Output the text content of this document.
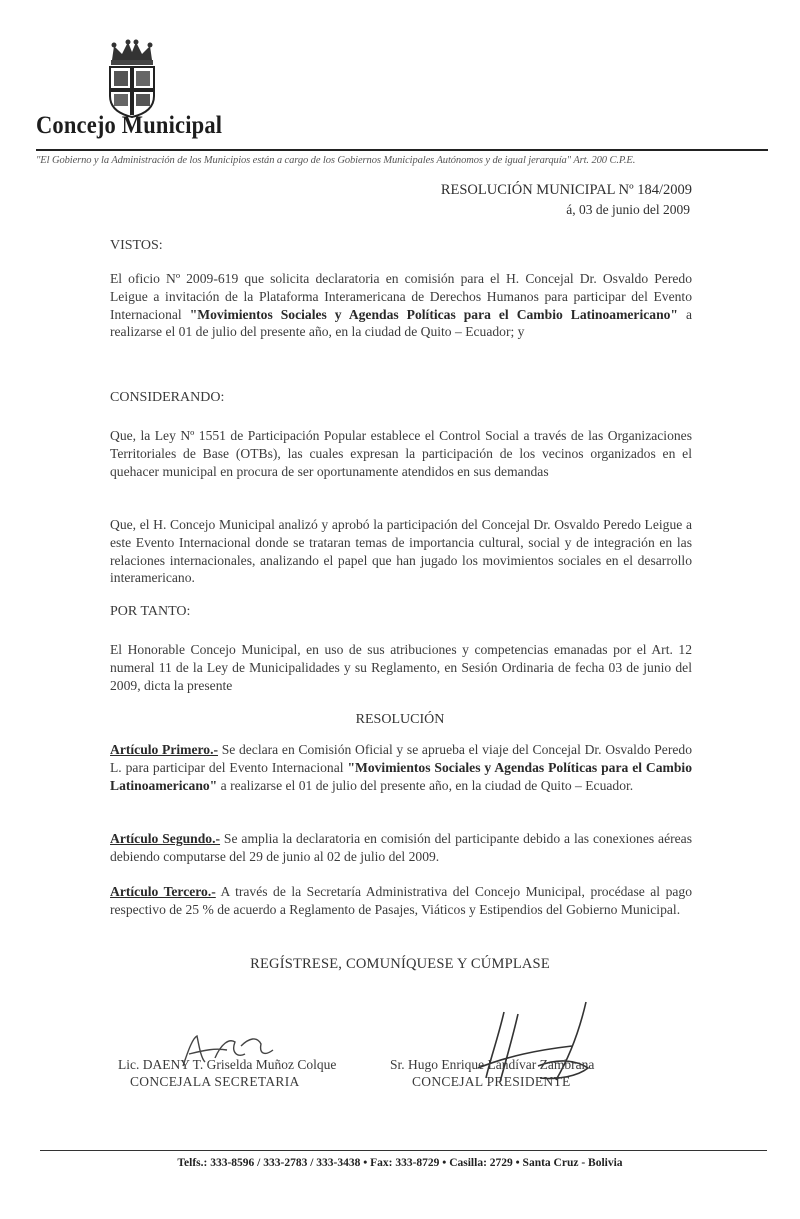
Concejo Municipal
"El Gobierno y la Administración de los Municipios están a cargo de los Gobiernos Municipales Autónomos y de igual jerarquía" Art. 200 C.P.E.
RESOLUCIÓN MUNICIPAL Nº 184/2009
á, 03 de junio del 2009
VISTOS:
El oficio Nº 2009-619 que solicita declaratoria en comisión para el H. Concejal Dr. Osvaldo Peredo Leigue a invitación de la Plataforma Interamericana de Derechos Humanos para participar del Evento Internacional "Movimientos Sociales y Agendas Políticas para el Cambio Latinoamericano" a realizarse el 01 de julio del presente año, en la ciudad de Quito – Ecuador; y
CONSIDERANDO:
Que, la Ley Nº 1551 de Participación Popular establece el Control Social a través de las Organizaciones Territoriales de Base (OTBs), las cuales expresan la participación de los vecinos organizados en el quehacer municipal en procura de ser oportunamente atendidos en sus demandas
Que, el H. Concejo Municipal analizó y aprobó la participación del Concejal Dr. Osvaldo Peredo Leigue a este Evento Internacional donde se trataran temas de importancia cultural, social y de integración en las relaciones internacionales, analizando el papel que han jugado los movimientos sociales en el desarrollo interamericano.
POR TANTO:
El Honorable Concejo Municipal, en uso de sus atribuciones y competencias emanadas por el Art. 12 numeral 11 de la Ley de Municipalidades y su Reglamento, en Sesión Ordinaria de fecha 03 de junio del 2009, dicta la presente
RESOLUCIÓN
Artículo Primero.- Se declara en Comisión Oficial y se aprueba el viaje del Concejal Dr. Osvaldo Peredo L. para participar del Evento Internacional "Movimientos Sociales y Agendas Políticas para el Cambio Latinoamericano" a realizarse el 01 de julio del presente año, en la ciudad de Quito – Ecuador.
Artículo Segundo.- Se amplia la declaratoria en comisión del participante debido a las conexiones aéreas debiendo computarse del 29 de junio al 02 de julio del 2009.
Artículo Tercero.- A través de la Secretaría Administrativa del Concejo Municipal, procédase al pago respectivo de 25 % de acuerdo a Reglamento de Pasajes, Viáticos y Estipendios del Gobierno Municipal.
REGÍSTRESE, COMUNÍQUESE Y CÚMPLASE
Lic. DAENY T. Griselda Muñoz Colque
CONCEJALA SECRETARIA
Sr. Hugo Enrique Landívar Zambrana
CONCEJAL PRESIDENTE
Telfs.: 333-8596 / 333-2783 / 333-3438 • Fax: 333-8729 • Casilla: 2729 • Santa Cruz - Bolivia
